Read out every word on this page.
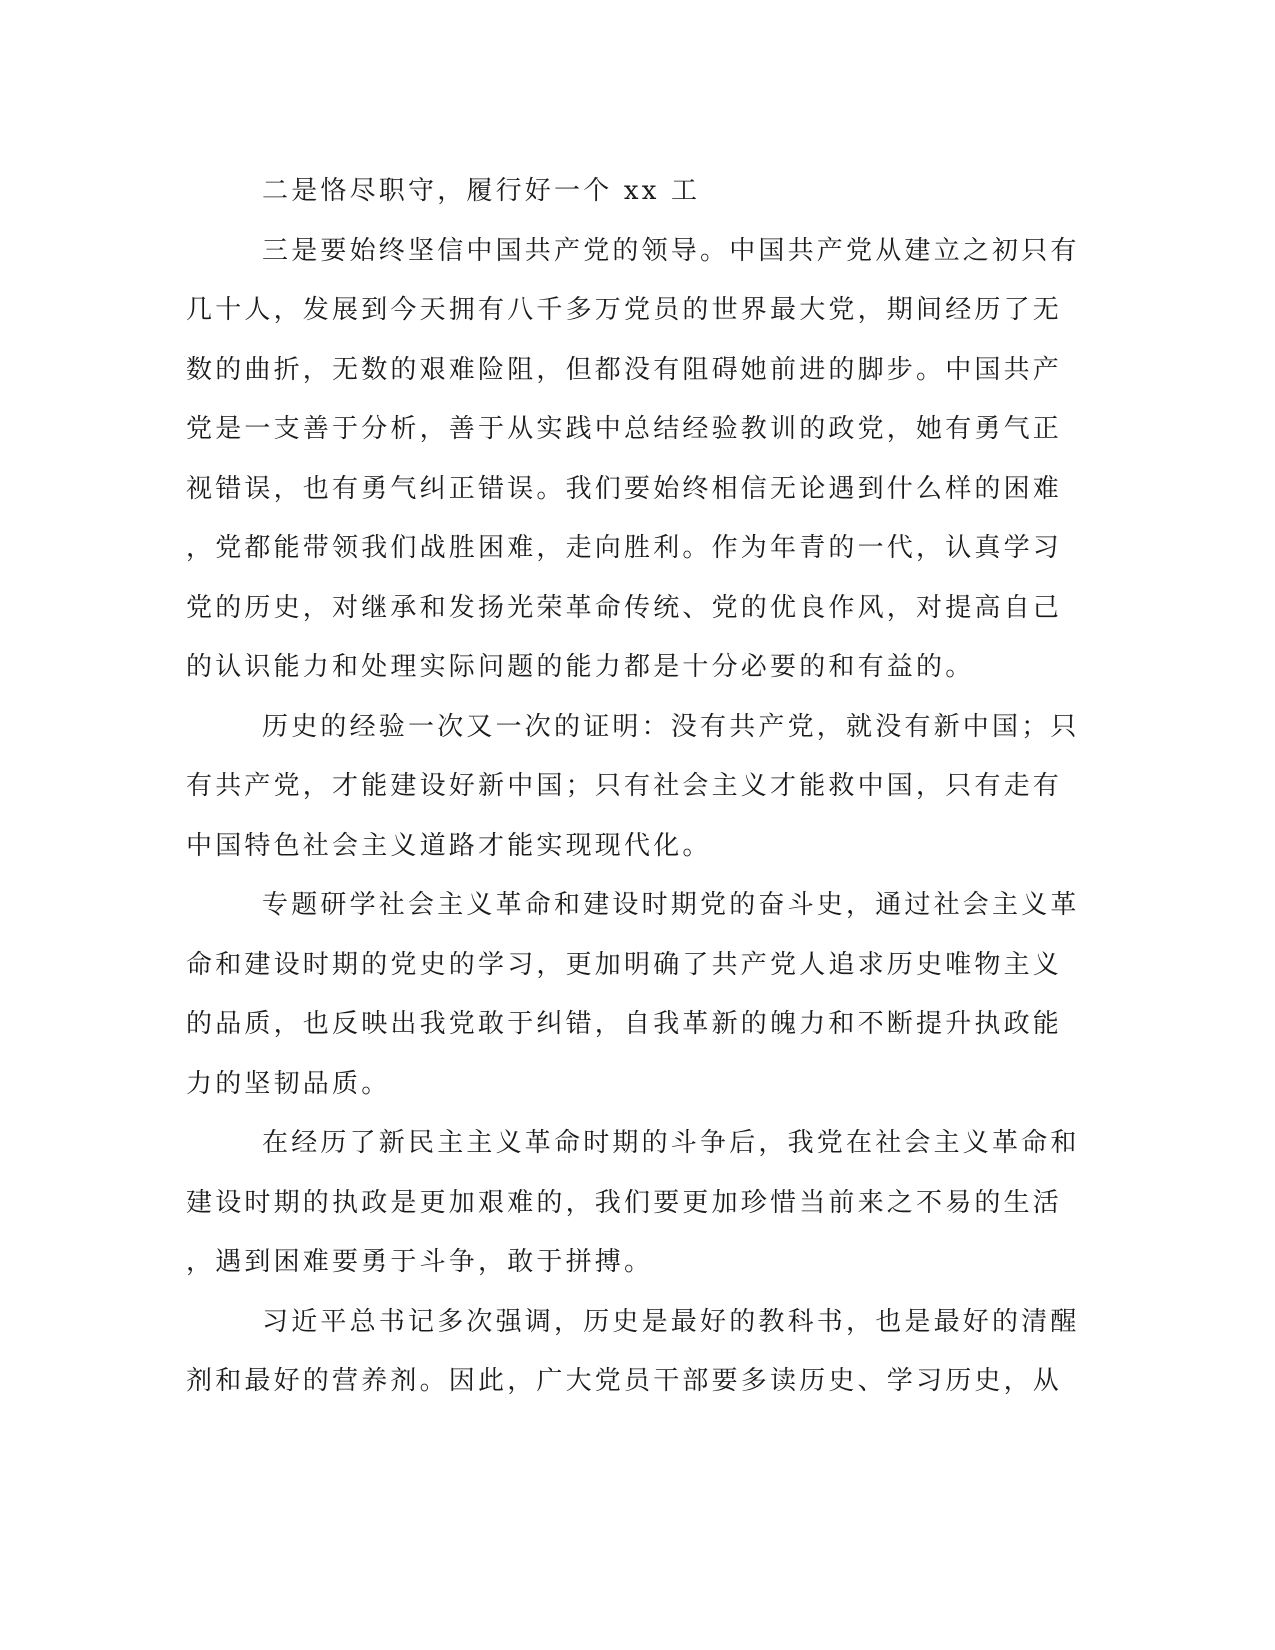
二是恪尽职守，履行好一个 xx 工
三是要始终坚信中国共产党的领导。中国共产党从建立之初只有
几十人，发展到今天拥有八千多万党员的世界最大党，期间经历了无
数的曲折，无数的艰难险阻，但都没有阻碍她前进的脚步。中国共产
党是一支善于分析，善于从实践中总结经验教训的政党，她有勇气正
视错误，也有勇气纠正错误。我们要始终相信无论遇到什么样的困难
，党都能带领我们战胜困难，走向胜利。作为年青的一代，认真学习
党的历史，对继承和发扬光荣革命传统、党的优良作风，对提高自己
的认识能力和处理实际问题的能力都是十分必要的和有益的。
历史的经验一次又一次的证明：没有共产党，就没有新中国；只
有共产党，才能建设好新中国；只有社会主义才能救中国，只有走有
中国特色社会主义道路才能实现现代化。
专题研学社会主义革命和建设时期党的奋斗史，通过社会主义革
命和建设时期的党史的学习，更加明确了共产党人追求历史唯物主义
的品质，也反映出我党敢于纠错，自我革新的魄力和不断提升执政能
力的坚韧品质。
在经历了新民主主义革命时期的斗争后，我党在社会主义革命和
建设时期的执政是更加艰难的，我们要更加珍惜当前来之不易的生活
，遇到困难要勇于斗争，敢于拼搏。
习近平总书记多次强调，历史是最好的教科书，也是最好的清醒
剂和最好的营养剂。因此，广大党员干部要多读历史、学习历史，从
